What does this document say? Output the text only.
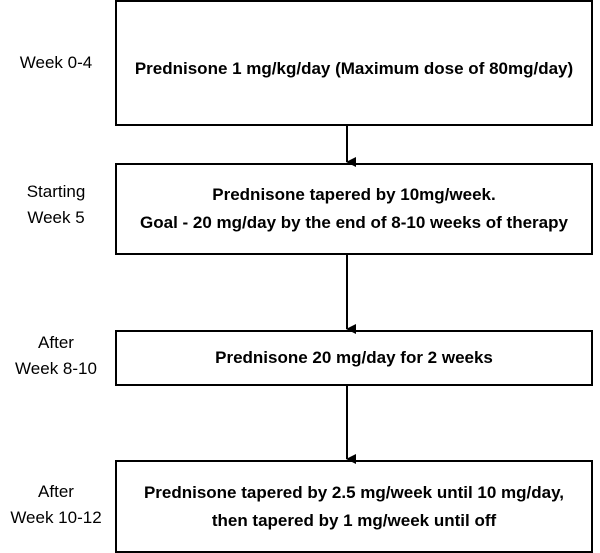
Week 0-4	Prednisone 1 mg/kg/day (Maximum dose of 80mg/day)
Starting
Week 5
Prednisone tapered by 10mg/week.
Goal - 20 mg/day by the end of 8-10 weeks of therapy
After
Week 8-10
Prednisone 20 mg/day for 2 weeks
After
Week 10-12
Prednisone tapered by 2.5 mg/week until 10 mg/day,
then tapered by 1 mg/week until off
